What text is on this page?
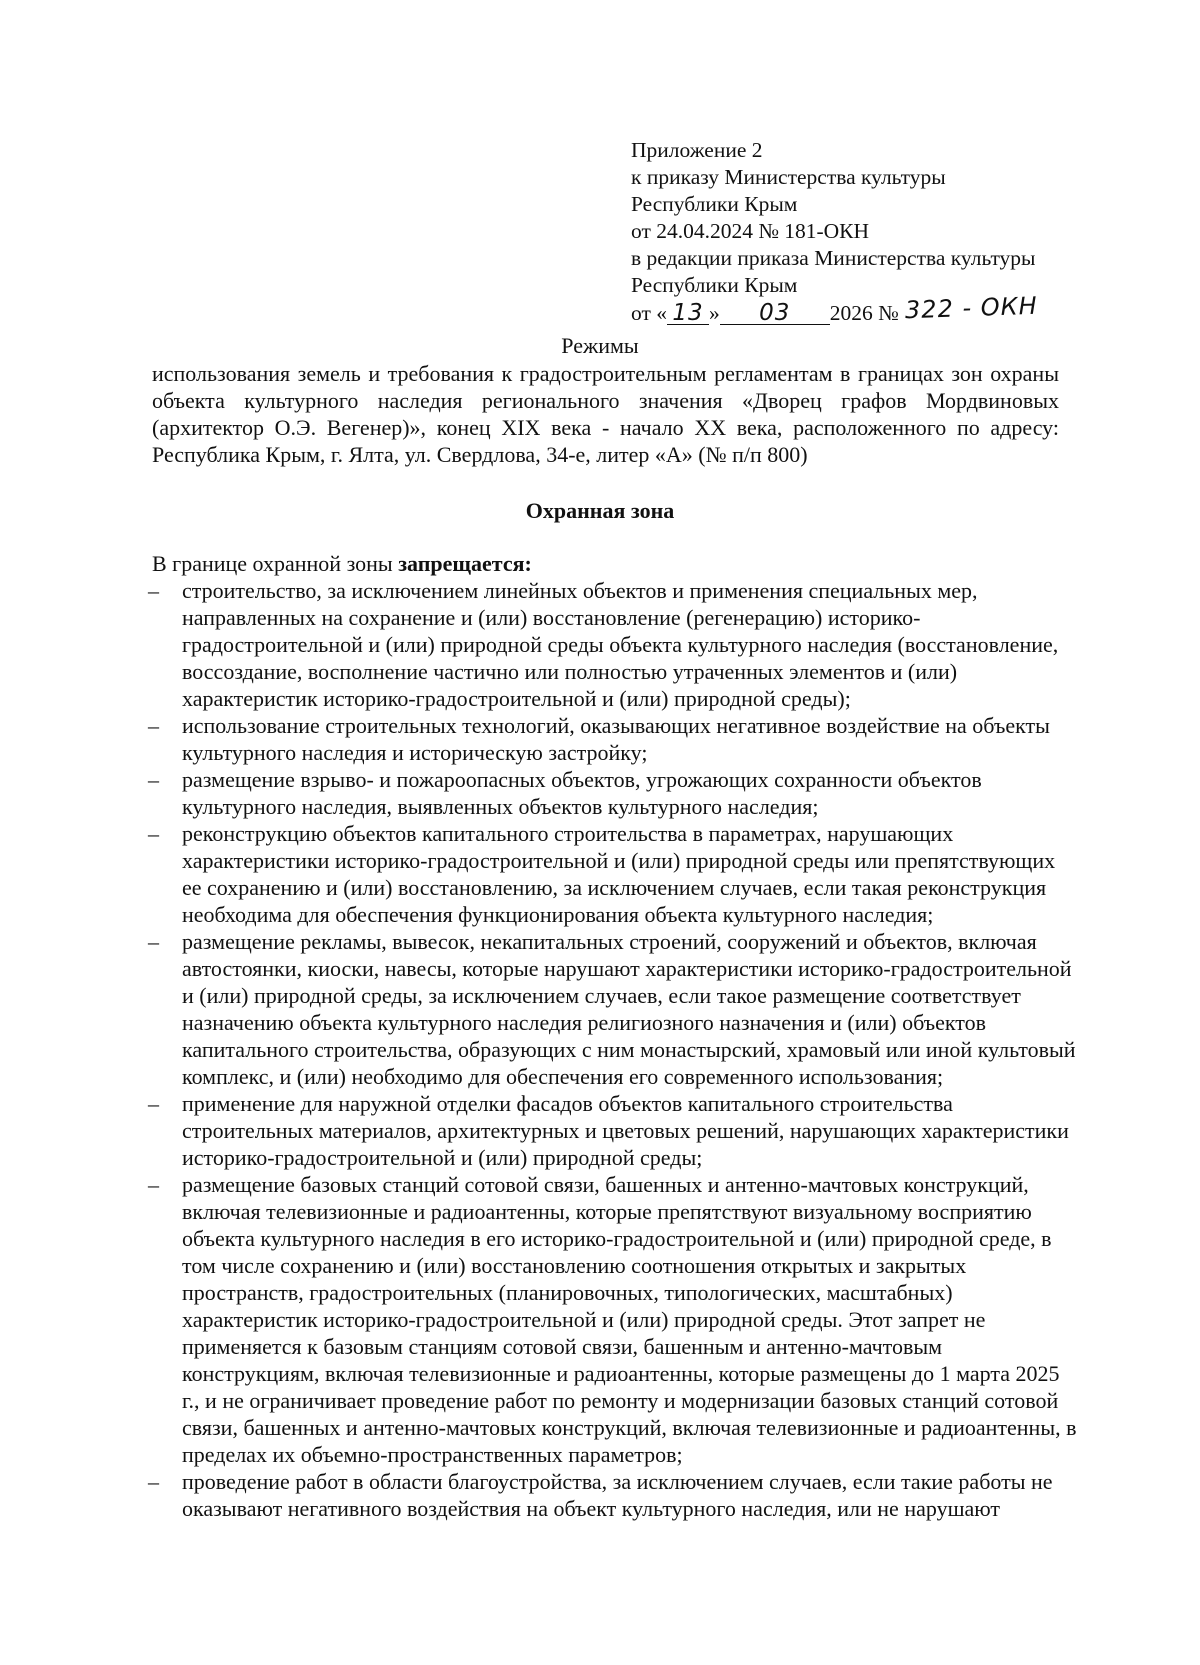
Приложение 2
к приказу Министерства культуры
Республики Крым
от 24.04.2024 № 181-ОКН
в редакции приказа Министерства культуры
Республики Крым
от « 13 » 03 2026 № 322 - ОКН
Режимы
использования земель и требования к градостроительным регламентам в границах зон охраны объекта культурного наследия регионального значения «Дворец графов Мордвиновых (архитектор О.Э. Вегенер)», конец XIX века - начало XX века, расположенного по адресу: Республика Крым, г. Ялта, ул. Свердлова, 34-е, литер «А» (№ п/п 800)
Охранная зона
В границе охранной зоны запрещается:
– строительство, за исключением линейных объектов и применения специальных мер, направленных на сохранение и (или) восстановление (регенерацию) историко-градостроительной и (или) природной среды объекта культурного наследия (восстановление, воссоздание, восполнение частично или полностью утраченных элементов и (или) характеристик историко-градостроительной и (или) природной среды);
– использование строительных технологий, оказывающих негативное воздействие на объекты культурного наследия и историческую застройку;
– размещение взрыво- и пожароопасных объектов, угрожающих сохранности объектов культурного наследия, выявленных объектов культурного наследия;
– реконструкцию объектов капитального строительства в параметрах, нарушающих характеристики историко-градостроительной и (или) природной среды или препятствующих ее сохранению и (или) восстановлению, за исключением случаев, если такая реконструкция необходима для обеспечения функционирования объекта культурного наследия;
– размещение рекламы, вывесок, некапитальных строений, сооружений и объектов, включая автостоянки, киоски, навесы, которые нарушают характеристики историко-градостроительной и (или) природной среды, за исключением случаев, если такое размещение соответствует назначению объекта культурного наследия религиозного назначения и (или) объектов капитального строительства, образующих с ним монастырский, храмовый или иной культовый комплекс, и (или) необходимо для обеспечения его современного использования;
– применение для наружной отделки фасадов объектов капитального строительства строительных материалов, архитектурных и цветовых решений, нарушающих характеристики историко-градостроительной и (или) природной среды;
– размещение базовых станций сотовой связи, башенных и антенно-мачтовых конструкций, включая телевизионные и радиоантенны, которые препятствуют визуальному восприятию объекта культурного наследия в его историко-градостроительной и (или) природной среде, в том числе сохранению и (или) восстановлению соотношения открытых и закрытых пространств, градостроительных (планировочных, типологических, масштабных) характеристик историко-градостроительной и (или) природной среды. Этот запрет не применяется к базовым станциям сотовой связи, башенным и антенно-мачтовым конструкциям, включая телевизионные и радиоантенны, которые размещены до 1 марта 2025 г., и не ограничивает проведение работ по ремонту и модернизации базовых станций сотовой связи, башенных и антенно-мачтовых конструкций, включая телевизионные и радиоантенны, в пределах их объемно-пространственных параметров;
– проведение работ в области благоустройства, за исключением случаев, если такие работы не оказывают негативного воздействия на объект культурного наследия, или не нарушают
